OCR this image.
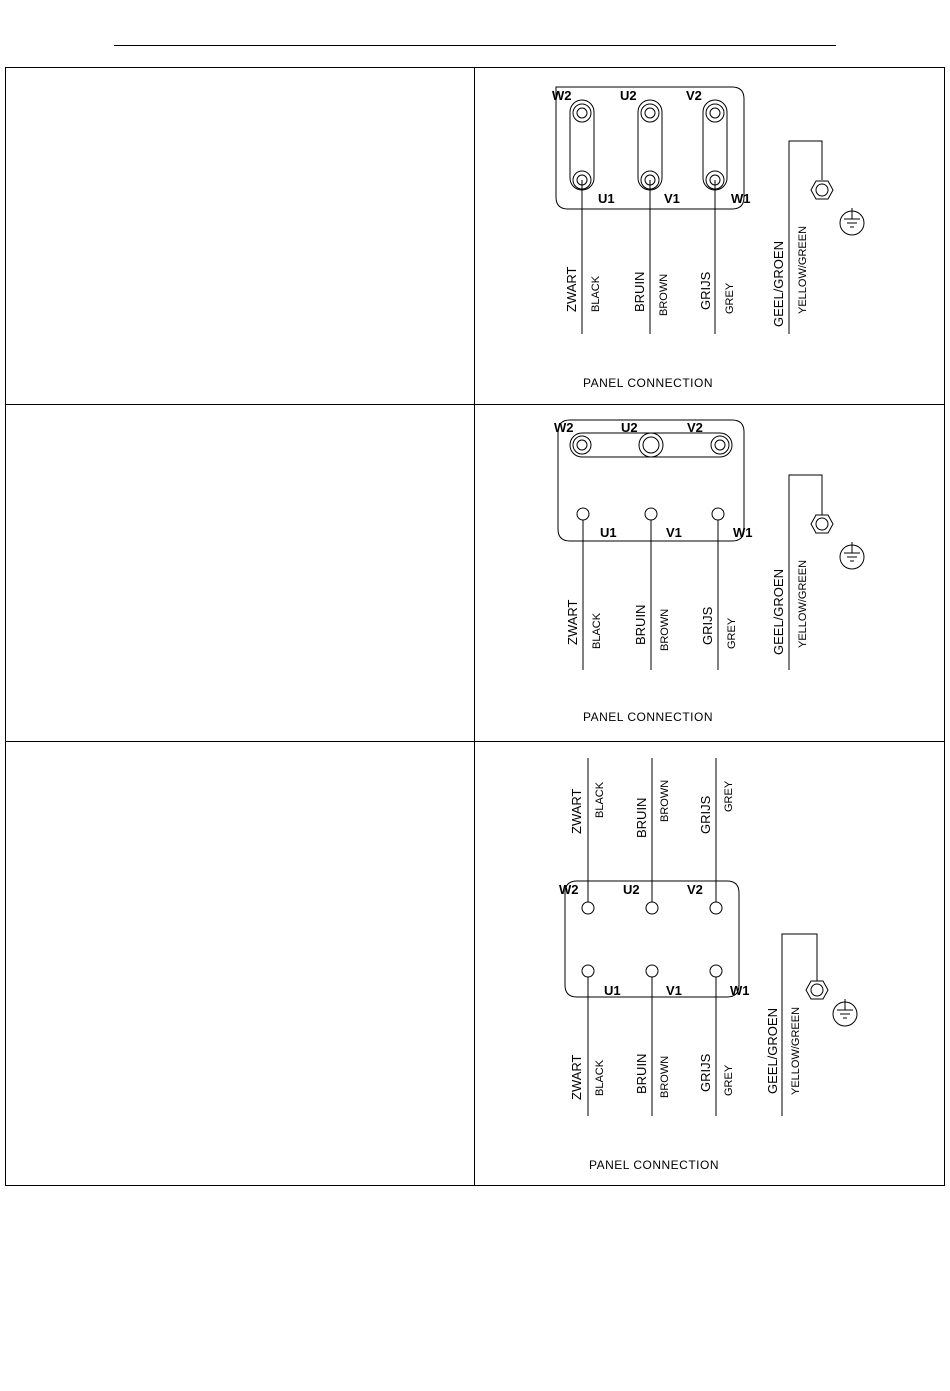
W2	U2	V2
U1	V1	W1
ZWART BLACK BRUIN BROWN GRIJS GREY	GEEL/GROEN YELLOW/GREEN
PANEL CONNECTION
W2	U2	V2
U1	V1	W1
ZWART BLACK BRUIN BROWN GRIJS GREY	GEEL/GROEN YELLOW/GREEN
PANEL CONNECTION
ZWART BLACK BRUIN BROWN GRIJS GREY
W2	U2	V2
U1	V1	W1
ZWART BLACK BRUIN BROWN GRIJS GREY GEEL/GROEN YELLOW/GREEN
PANEL CONNECTION
